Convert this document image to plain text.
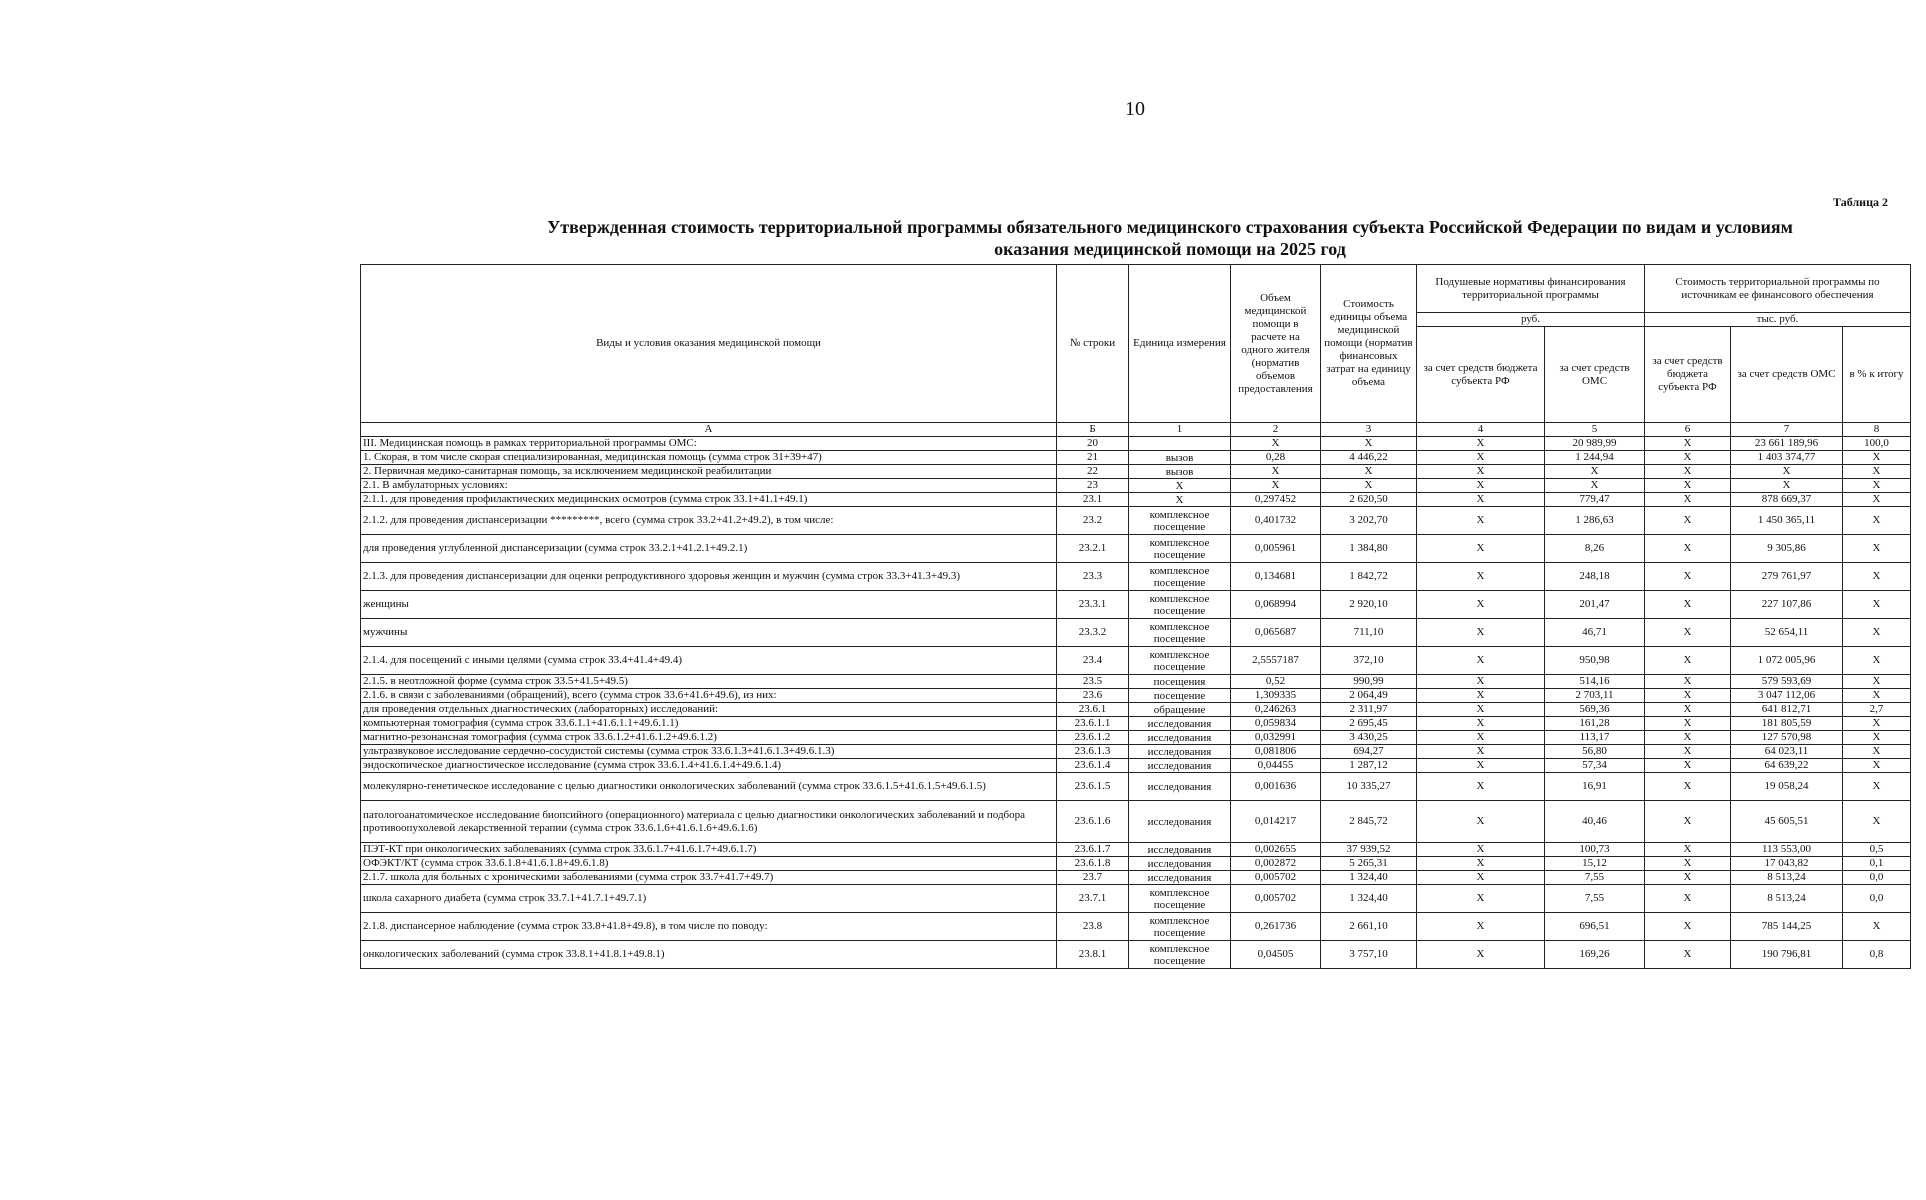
10
Таблица 2
Утвержденная стоимость территориальной программы обязательного медицинского страхования субъекта Российской Федерации по видам и условиям
оказания медицинской помощи на 2025 год
Виды и условия оказания медицинской помощи	№ строки	Единица измерения	Объем медицинской помощи в расчете на одного жителя (норматив объемов предоставления	Стоимость единицы объема медицинской помощи (норматив финансовых затрат на единицу объема	Подушевые нормативы финансирования территориальной программы		Стоимость территориальной программы по источникам ее финансового обеспечения		
					руб.		тыс. руб.		
					за счет средств бюджета субъекта РФ	за счет средств ОМС	за счет средств бюджета субъекта РФ	за счет средств ОМС	в % к итогу
А	Б	1	2	3	4	5	6	7	8
III. Медицинская помощь в рамках территориальной программы ОМС:	20		X	X	X	20 989,99	X	23 661 189,96	100,0
1. Скорая, в том числе скорая специализированная, медицинская помощь (сумма строк 31+39+47)	21	вызов	0,28	4 446,22	X	1 244,94	X	1 403 374,77	X
2. Первичная медико-санитарная помощь, за исключением медицинской реабилитации	22	вызов	X	X	X	X	X	X	X
2.1. В амбулаторных условиях:	23	X	X	X	X	X	X	X	X
2.1.1. для проведения профилактических медицинских осмотров (сумма строк 33.1+41.1+49.1)	23.1	X	0,297452	2 620,50	X	779,47	X	878 669,37	X
2.1.2. для проведения диспансеризации *********, всего (сумма строк 33.2+41.2+49.2), в том числе:	23.2	комплексное посещение	0,401732	3 202,70	X	1 286,63	X	1 450 365,11	X
для проведения углубленной диспансеризации (сумма строк 33.2.1+41.2.1+49.2.1)	23.2.1	комплексное посещение	0,005961	1 384,80	X	8,26	X	9 305,86	X
2.1.3. для проведения диспансеризации для оценки репродуктивного здоровья женщин и мужчин (сумма строк 33.3+41.3+49.3)	23.3	комплексное посещение	0,134681	1 842,72	X	248,18	X	279 761,97	X
женщины	23.3.1	комплексное посещение	0,068994	2 920,10	X	201,47	X	227 107,86	X
мужчины	23.3.2	комплексное посещение	0,065687	711,10	X	46,71	X	52 654,11	X
2.1.4. для посещений с иными целями (сумма строк 33.4+41.4+49.4)	23.4	комплексное посещение	2,5557187	372,10	X	950,98	X	1 072 005,96	X
2.1.5. в неотложной форме (сумма строк 33.5+41.5+49.5)	23.5	посещения	0,52	990,99	X	514,16	X	579 593,69	X
2.1.6. в связи с заболеваниями (обращений), всего (сумма строк 33.6+41.6+49.6), из них:	23.6	посещение	1,309335	2 064,49	X	2 703,11	X	3 047 112,06	X
для проведения отдельных диагностических (лабораторных) исследований:	23.6.1	обращение	0,246263	2 311,97	X	569,36	X	641 812,71	2,7
компьютерная томография (сумма строк 33.6.1.1+41.6.1.1+49.6.1.1)	23.6.1.1	исследования	0,059834	2 695,45	X	161,28	X	181 805,59	X
магнитно-резонансная томография (сумма строк 33.6.1.2+41.6.1.2+49.6.1.2)	23.6.1.2	исследования	0,032991	3 430,25	X	113,17	X	127 570,98	X
ультразвуковое исследование сердечно-сосудистой системы (сумма строк 33.6.1.3+41.6.1.3+49.6.1.3)	23.6.1.3	исследования	0,081806	694,27	X	56,80	X	64 023,11	X
эндоскопическое диагностическое исследование (сумма строк 33.6.1.4+41.6.1.4+49.6.1.4)	23.6.1.4	исследования	0,04455	1 287,12	X	57,34	X	64 639,22	X
молекулярно-генетическое исследование с целью диагностики онкологических заболеваний (сумма строк 33.6.1.5+41.6.1.5+49.6.1.5)	23.6.1.5	исследования	0,001636	10 335,27	X	16,91	X	19 058,24	X
патологоанатомическое исследование биопсийного (операционного) материала с целью диагностики онкологических заболеваний и подбора противоопухолевой лекарственной терапии (сумма строк 33.6.1.6+41.6.1.6+49.6.1.6)	23.6.1.6	исследования	0,014217	2 845,72	X	40,46	X	45 605,51	X
ПЭТ-КТ при онкологических заболеваниях (сумма строк 33.6.1.7+41.6.1.7+49.6.1.7)	23.6.1.7	исследования	0,002655	37 939,52	X	100,73	X	113 553,00	0,5
ОФЭКТ/КТ (сумма строк 33.6.1.8+41.6.1.8+49.6.1.8)	23.6.1.8	исследования	0,002872	5 265,31	X	15,12	X	17 043,82	0,1
2.1.7. школа для больных с хроническими заболеваниями (сумма строк 33.7+41.7+49.7)	23.7	исследования	0,005702	1 324,40	X	7,55	X	8 513,24	0,0
школа сахарного диабета (сумма строк 33.7.1+41.7.1+49.7.1)	23.7.1	комплексное посещение	0,005702	1 324,40	X	7,55	X	8 513,24	0,0
2.1.8. диспансерное наблюдение (сумма строк 33.8+41.8+49.8), в том числе по поводу:	23.8	комплексное посещение	0,261736	2 661,10	X	696,51	X	785 144,25	X
онкологических заболеваний (сумма строк 33.8.1+41.8.1+49.8.1)	23.8.1	комплексное посещение	0,04505	3 757,10	X	169,26	X	190 796,81	0,8
